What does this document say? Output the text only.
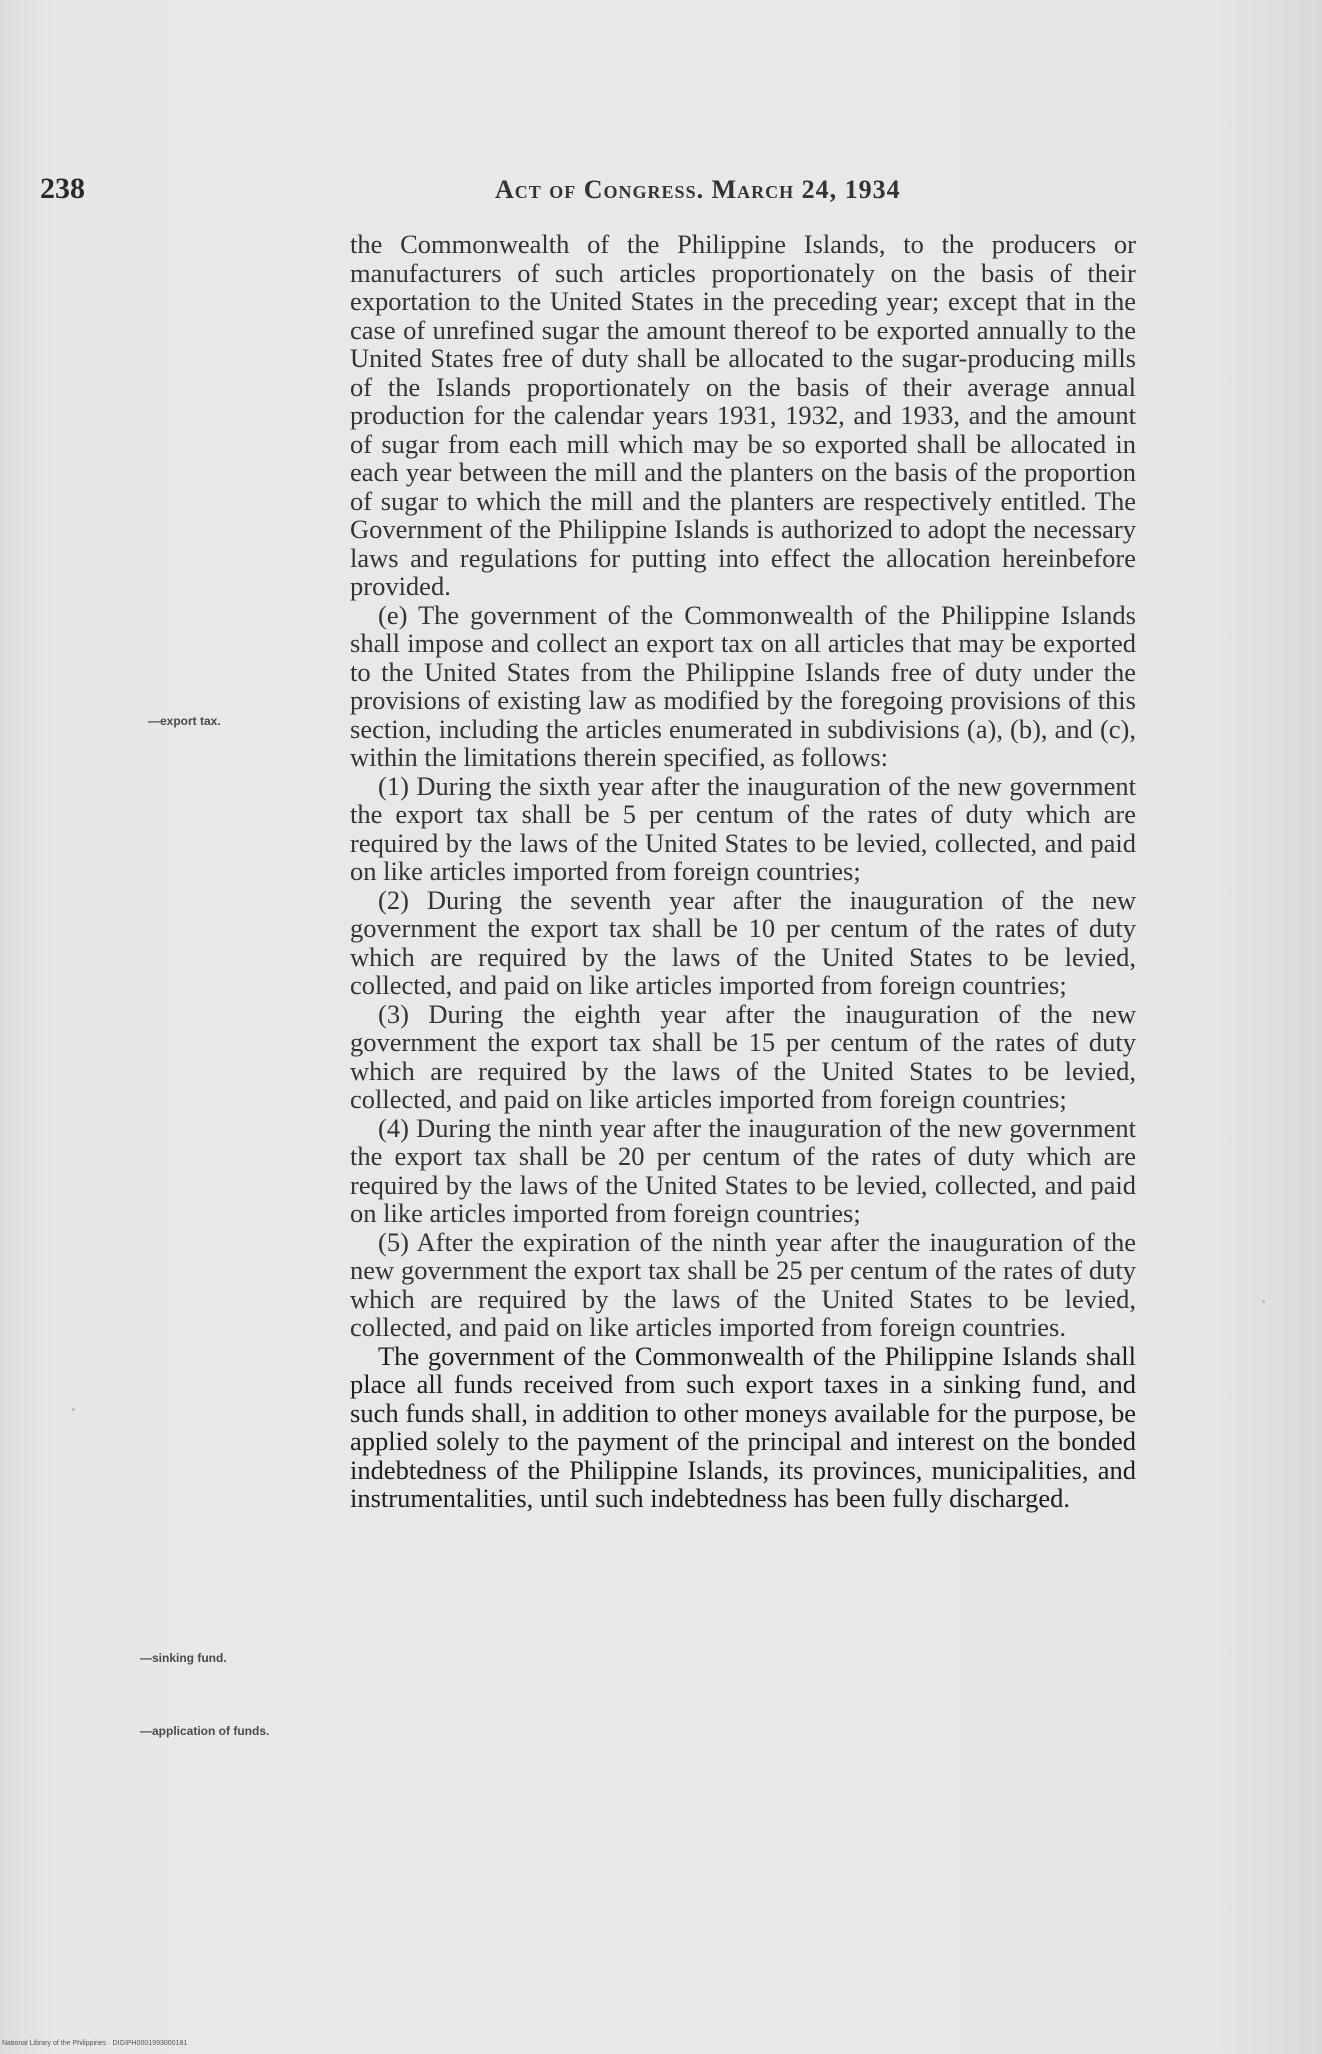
238	Act of Congress. March 24, 1934
—export tax.
—sinking fund.
—application of funds.

the Commonwealth of the Philippine Islands, to the producers or manufacturers of such articles proportionately on the basis of their exportation to the United States in the preceding year; except that in the case of unrefined sugar the amount thereof to be exported annually to the United States free of duty shall be allocated to the sugar-producing mills of the Islands proportionately on the basis of their average annual production for the calendar years 1931, 1932, and 1933, and the amount of sugar from each mill which may be so exported shall be allocated in each year between the mill and the planters on the basis of the proportion of sugar to which the mill and the planters are respectively entitled. The Government of the Philippine Islands is authorized to adopt the necessary laws and regulations for putting into effect the allocation hereinbefore provided.

(e) The government of the Commonwealth of the Philippine Islands shall impose and collect an export tax on all articles that may be exported to the United States from the Philippine Islands free of duty under the provisions of existing law as modified by the foregoing provisions of this section, including the articles enumerated in subdivisions (a), (b), and (c), within the limitations therein specified, as follows:

(1) During the sixth year after the inauguration of the new government the export tax shall be 5 per centum of the rates of duty which are required by the laws of the United States to be levied, collected, and paid on like articles imported from foreign countries;

(2) During the seventh year after the inauguration of the new government the export tax shall be 10 per centum of the rates of duty which are required by the laws of the United States to be levied, collected, and paid on like articles imported from foreign countries;

(3) During the eighth year after the inauguration of the new government the export tax shall be 15 per centum of the rates of duty which are required by the laws of the United States to be levied, collected, and paid on like articles imported from foreign countries;

(4) During the ninth year after the inauguration of the new government the export tax shall be 20 per centum of the rates of duty which are required by the laws of the United States to be levied, collected, and paid on like articles imported from foreign countries;

(5) After the expiration of the ninth year after the inauguration of the new government the export tax shall be 25 per centum of the rates of duty which are required by the laws of the United States to be levied, collected, and paid on like articles imported from foreign countries.

The government of the Commonwealth of the Philippine Islands shall place all funds received from such export taxes in a sinking fund, and such funds shall, in addition to other moneys available for the purpose, be applied solely to the payment of the principal and interest on the bonded indebtedness of the Philippine Islands, its provinces, municipalities, and instrumentalities, until such indebtedness has been fully discharged.

National Library of the Philippines · DIGIPH0001993000181
